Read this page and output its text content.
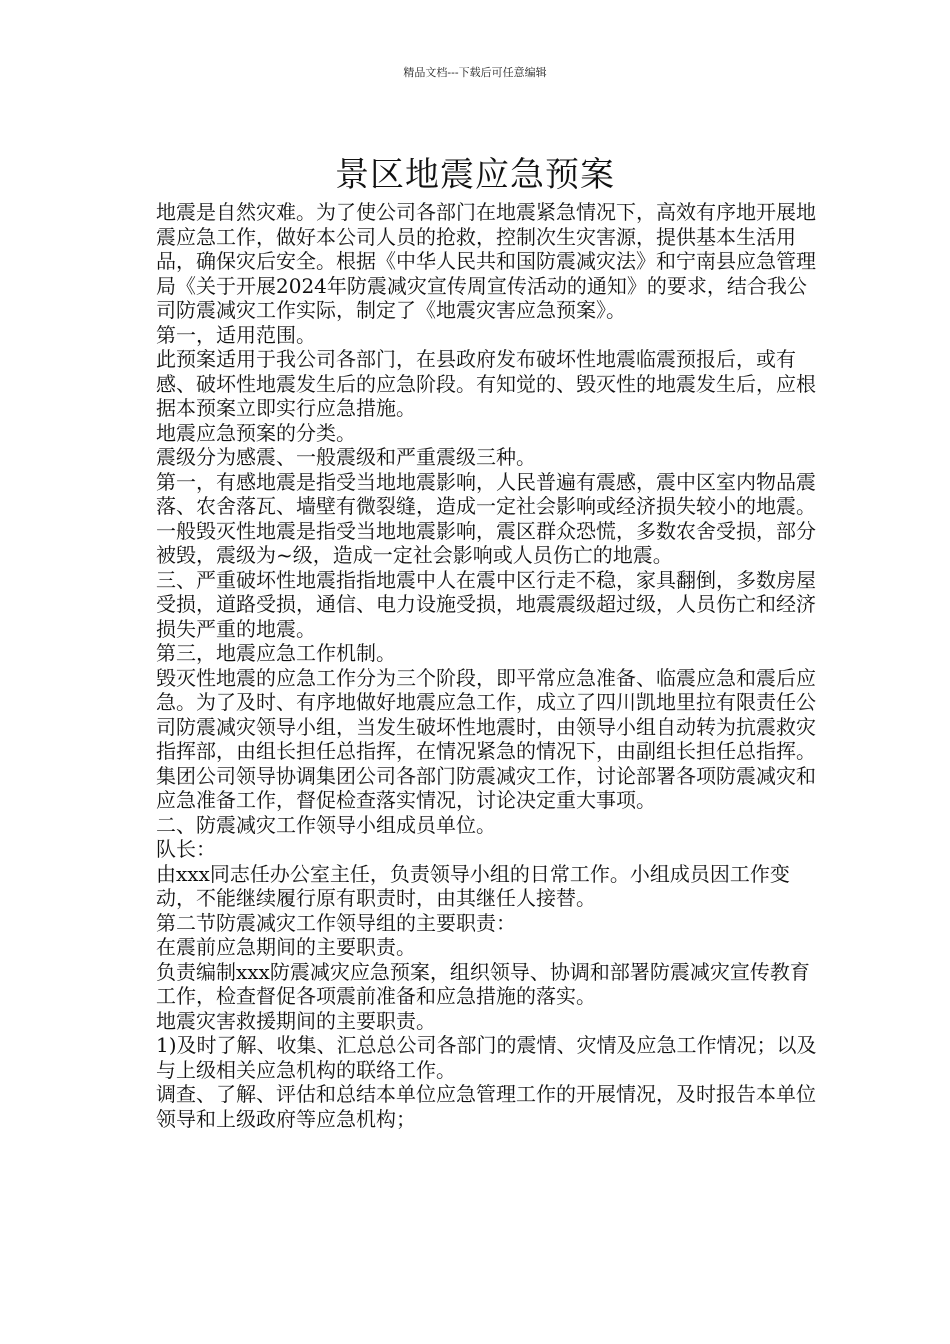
精品文档---下载后可任意编辑
景区地震应急预案

地震是自然灾难。为了使公司各部门在地震紧急情况下，高效有序地开展地震应急工作，做好本公司人员的抢救，控制次生灾害源，提供基本生活用品，确保灾后安全。根据《中华人民共和国防震减灾法》和宁南县应急管理局《关于开展2024年防震减灾宣传周宣传活动的通知》的要求，结合我公司防震减灾工作实际，制定了《地震灾害应急预案》。

第一，适用范围。

此预案适用于我公司各部门，在县政府发布破坏性地震临震预报后，或有感、破坏性地震发生后的应急阶段。有知觉的、毁灭性的地震发生后，应根据本预案立即实行应急措施。

地震应急预案的分类。

震级分为感震、一般震级和严重震级三种。

第一，有感地震是指受当地地震影响，人民普遍有震感，震中区室内物品震落、农舍落瓦、墙壁有微裂缝，造成一定社会影响或经济损失较小的地震。

一般毁灭性地震是指受当地地震影响，震区群众恐慌，多数农舍受损，部分被毁，震级为~级，造成一定社会影响或人员伤亡的地震。

三、严重破坏性地震指指地震中人在震中区行走不稳，家具翻倒，多数房屋受损，道路受损，通信、电力设施受损，地震震级超过级，人员伤亡和经济损失严重的地震。

第三，地震应急工作机制。

毁灭性地震的应急工作分为三个阶段，即平常应急准备、临震应急和震后应急。为了及时、有序地做好地震应急工作，成立了四川凯地里拉有限责任公司防震减灾领导小组，当发生破坏性地震时，由领导小组自动转为抗震救灾指挥部，由组长担任总指挥，在情况紧急的情况下，由副组长担任总指挥。集团公司领导协调集团公司各部门防震减灾工作，讨论部署各项防震减灾和应急准备工作，督促检查落实情况，讨论决定重大事项。

二、防震减灾工作领导小组成员单位。

队长：

由xxx同志任办公室主任，负责领导小组的日常工作。小组成员因工作变动，不能继续履行原有职责时，由其继任人接替。

第二节防震减灾工作领导组的主要职责：

在震前应急期间的主要职责。

负责编制xxx防震减灾应急预案，组织领导、协调和部署防震减灾宣传教育工作，检查督促各项震前准备和应急措施的落实。

地震灾害救援期间的主要职责。

1)及时了解、收集、汇总总公司各部门的震情、灾情及应急工作情况；以及与上级相关应急机构的联络工作。

调查、了解、评估和总结本单位应急管理工作的开展情况，及时报告本单位领导和上级政府等应急机构；
